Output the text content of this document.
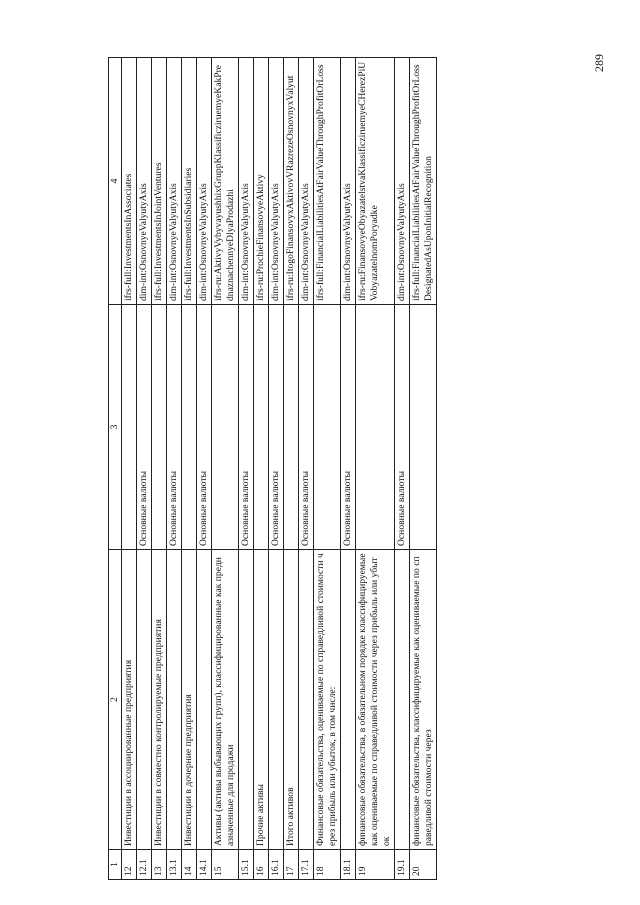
289
1	2	3	4
12	Инвестиции в ассоциированные предприятия		ifrs-full:InvestmentsInAssociates
12.1		Основные валюты	dim-int:OsnovnyeValyutyAxis
13	Инвестиции в совместно контролируемые предприятия		ifrs-full:InvestmentsInJointVentures
13.1		Основные валюты	dim-int:OsnovnyeValyutyAxis
14	Инвестиции в дочерние предприятия		ifrs-full:InvestmentsInSubsidiaries
14.1		Основные валюты	dim-int:OsnovnyeValyutyAxis
15	Активы (активы выбывающих групп), классифицированные как предназначенные для продажи		ifrs-ru:AktivyVybyvayushhixGruppKlassificziruemyeKakPrednaznachennyeDlyaProdazhi
15.1		Основные валюты	dim-int:OsnovnyeValyutyAxis
16	Прочие активы		ifrs-ru:ProchieFinansovyeAktivy
16.1		Основные валюты	dim-int:OsnovnyeValyutyAxis
17	Итого активов		ifrs-ru:ItogoFinansovyxAktivovVRazrezeOsnovnyxValyut
17.1		Основные валюты	dim-int:OsnovnyeValyutyAxis
18	Финансовые обязательства, оцениваемые по справедливой стоимости через прибыль или убыток, в том числе:		ifrs-full:FinancialLiabilitiesAtFairValueThroughProfitOrLoss
18.1		Основные валюты	dim-int:OsnovnyeValyutyAxis
19	финансовые обязательства, в обязательном порядке классифицируемые как оцениваемые по справедливой стоимости через прибыль или убыток		ifrs-ru:FinansovyeObyazatelstvaKlassificziruemyeCHerezPiUVobyazatelnomPoryadke
19.1		Основные валюты	dim-int:OsnovnyeValyutyAxis
20	финансовые обязательства, классифицируемые как оцениваемые по справедливой стоимости через		ifrs-full:FinancialLiabilitiesAtFairValueThroughProfitOrLossDesignatedAsUponInitialRecognition
